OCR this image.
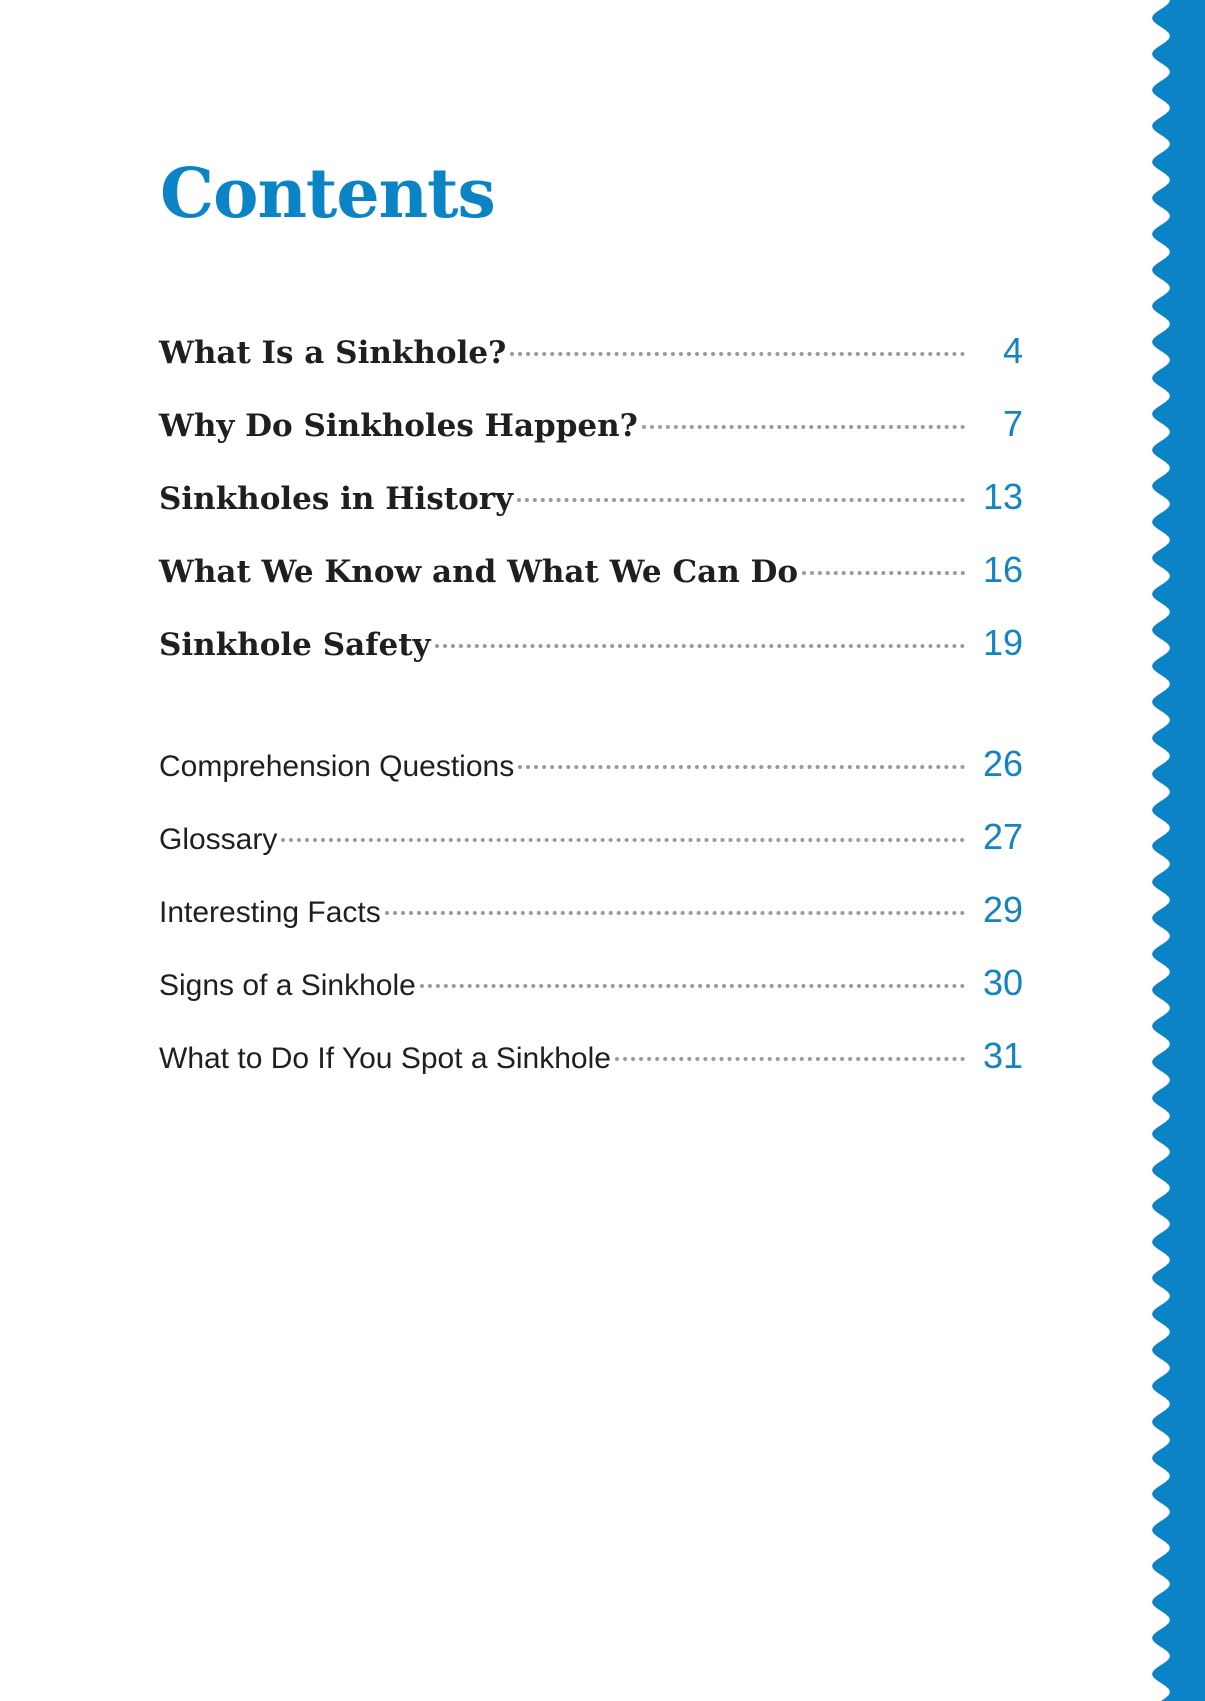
Contents
What Is a Sinkhole?	4
Why Do Sinkholes Happen?	7
Sinkholes in History	13
What We Know and What We Can Do	16
Sinkhole Safety	19
Comprehension Questions	26
Glossary	27
Interesting Facts	29
Signs of a Sinkhole	30
What to Do If You Spot a Sinkhole	31
